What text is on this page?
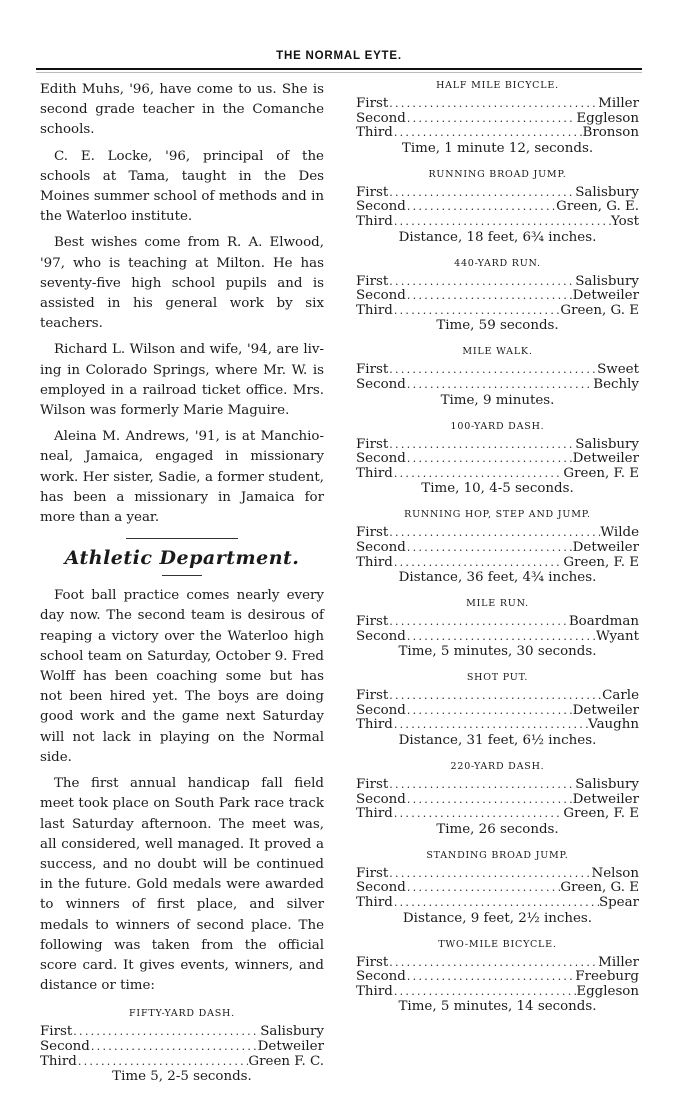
THE NORMAL EYTE.

Edith Muhs, '96, have come to us. She is second grade teacher in the Comanche schools.

C. E. Locke, '96, principal of the schools at Tama, taught in the Des Moines summer school of methods and in the Waterloo institute.

Best wishes come from R. A. Elwood, '97, who is teaching at Milton. He has seventy-five high school pupils and is assisted in his general work by six teachers.

Richard L. Wilson and wife, '94, are living in Colorado Springs, where Mr. W. is employed in a railroad ticket office. Mrs. Wilson was formerly Marie Maguire.

Aleina M. Andrews, '91, is at Manchioneal, Jamaica, engaged in missionary work. Her sister, Sadie, a former student, has been a missionary in Jamaica for more than a year.

Athletic Department.

Foot ball practice comes nearly every day now. The second team is desirous of reaping a victory over the Waterloo high school team on Saturday, October 9. Fred Wolff has been coaching some but has not been hired yet. The boys are doing good work and the game next Saturday will not lack in playing on the Normal side.

The first annual handicap fall field meet took place on South Park race track last Saturday afternoon. The meet was, all considered, well managed. It proved a success, and no doubt will be continued in the future. Gold medals were awarded to winners of first place, and silver medals to winners of second place. The following was taken from the official score card. It gives events, winners, and distance or time:

FIFTY-YARD DASH.
First .....	Salisbury
Second .....	Detweiler
Third .....	Green F. C.
Time 5, 2-5 seconds.
HALF MILE BICYCLE.
First .....	Miller
Second .....	Eggleson
Third .....	Bronson
Time, 1 minute 12, seconds.
RUNNING BROAD JUMP.
First .....	Salisbury
Second .....	Green, G. E.
Third .....	Yost
Distance, 18 feet, 6¾ inches.
440-YARD RUN.
First .....	Salisbury
Second .....	Detweiler
Third .....	Green, G. E
Time, 59 seconds.
MILE WALK.
First .....	Sweet
Second .....	Bechly
Time, 9 minutes.
100-YARD DASH.
First .....	Salisbury
Second .....	Detweiler
Third .....	Green, F. E
Time, 10, 4-5 seconds.
RUNNING HOP, STEP AND JUMP.
First .....	Wilde
Second .....	Detweiler
Third .....	Green, F. E
Distance, 36 feet, 4¾ inches.
MILE RUN.
First .....	Boardman
Second .....	Wyant
Time, 5 minutes, 30 seconds.
SHOT PUT.
First .....	Carle
Second .....	Detweiler
Third .....	Vaughn
Distance, 31 feet, 6½ inches.
220-YARD DASH.
First .....	Salisbury
Second .....	Detweiler
Third .....	Green, F. E
Time, 26 seconds.
STANDING BROAD JUMP.
First .....	Nelson
Second .....	Green, G. E
Third .....	Spear
Distance, 9 feet, 2½ inches.
TWO-MILE BICYCLE.
First .....	Miller
Second .....	Freeburg
Third .....	Eggleson
Time, 5 minutes, 14 seconds.
